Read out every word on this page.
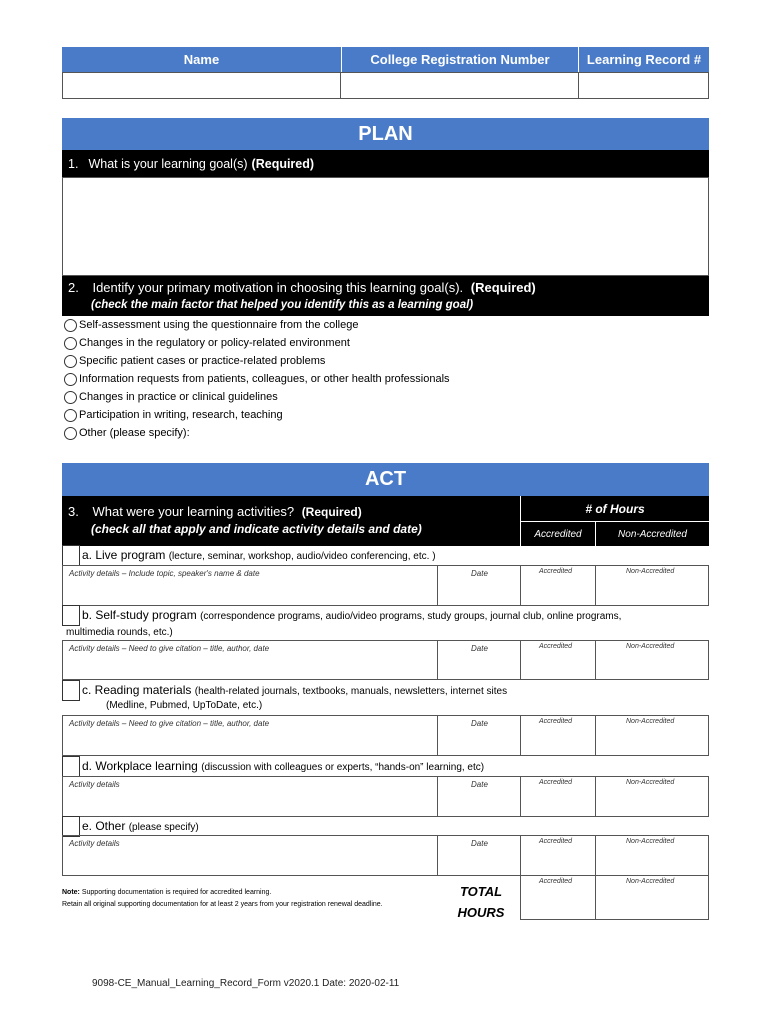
Name	College Registration Number	Learning Record #
PLAN
1. What is your learning goal(s) (Required)
2. Identify your primary motivation in choosing this learning goal(s). (Required)
(check the main factor that helped you identify this as a learning goal)
Self-assessment using the questionnaire from the college
Changes in the regulatory or policy-related environment
Specific patient cases or practice-related problems
Information requests from patients, colleagues, or other health professionals
Changes in practice or clinical guidelines
Participation in writing, research, teaching
Other (please specify):
ACT
3. What were your learning activities? (Required)
(check all that apply and indicate activity details and date)
# of Hours
Accredited	Non-Accredited
a. Live program (lecture, seminar, workshop, audio/video conferencing, etc. )
Activity details – Include topic, speaker's name & date	Date	Accredited	Non-Accredited
b. Self-study program (correspondence programs, audio/video programs, study groups, journal club, online programs,
multimedia rounds, etc.)
Activity details – Need to give citation – title, author, date	Date	Accredited	Non-Accredited
c. Reading materials (health-related journals, textbooks, manuals, newsletters, internet sites
(Medline, Pubmed, UpToDate, etc.)
Activity details – Need to give citation – title, author, date	Date	Accredited	Non-Accredited
d. Workplace learning (discussion with colleagues or experts, “hands-on” learning, etc)
Activity details	Date	Accredited	Non-Accredited
e. Other (please specify)
Activity details	Date	Accredited	Non-Accredited
Note: Supporting documentation is required for accredited learning.
Retain all original supporting documentation for at least 2 years from your registration renewal deadline.
TOTAL
HOURS
Accredited	Non-Accredited
9098-CE_Manual_Learning_Record_Form v2020.1 Date: 2020-02-11
